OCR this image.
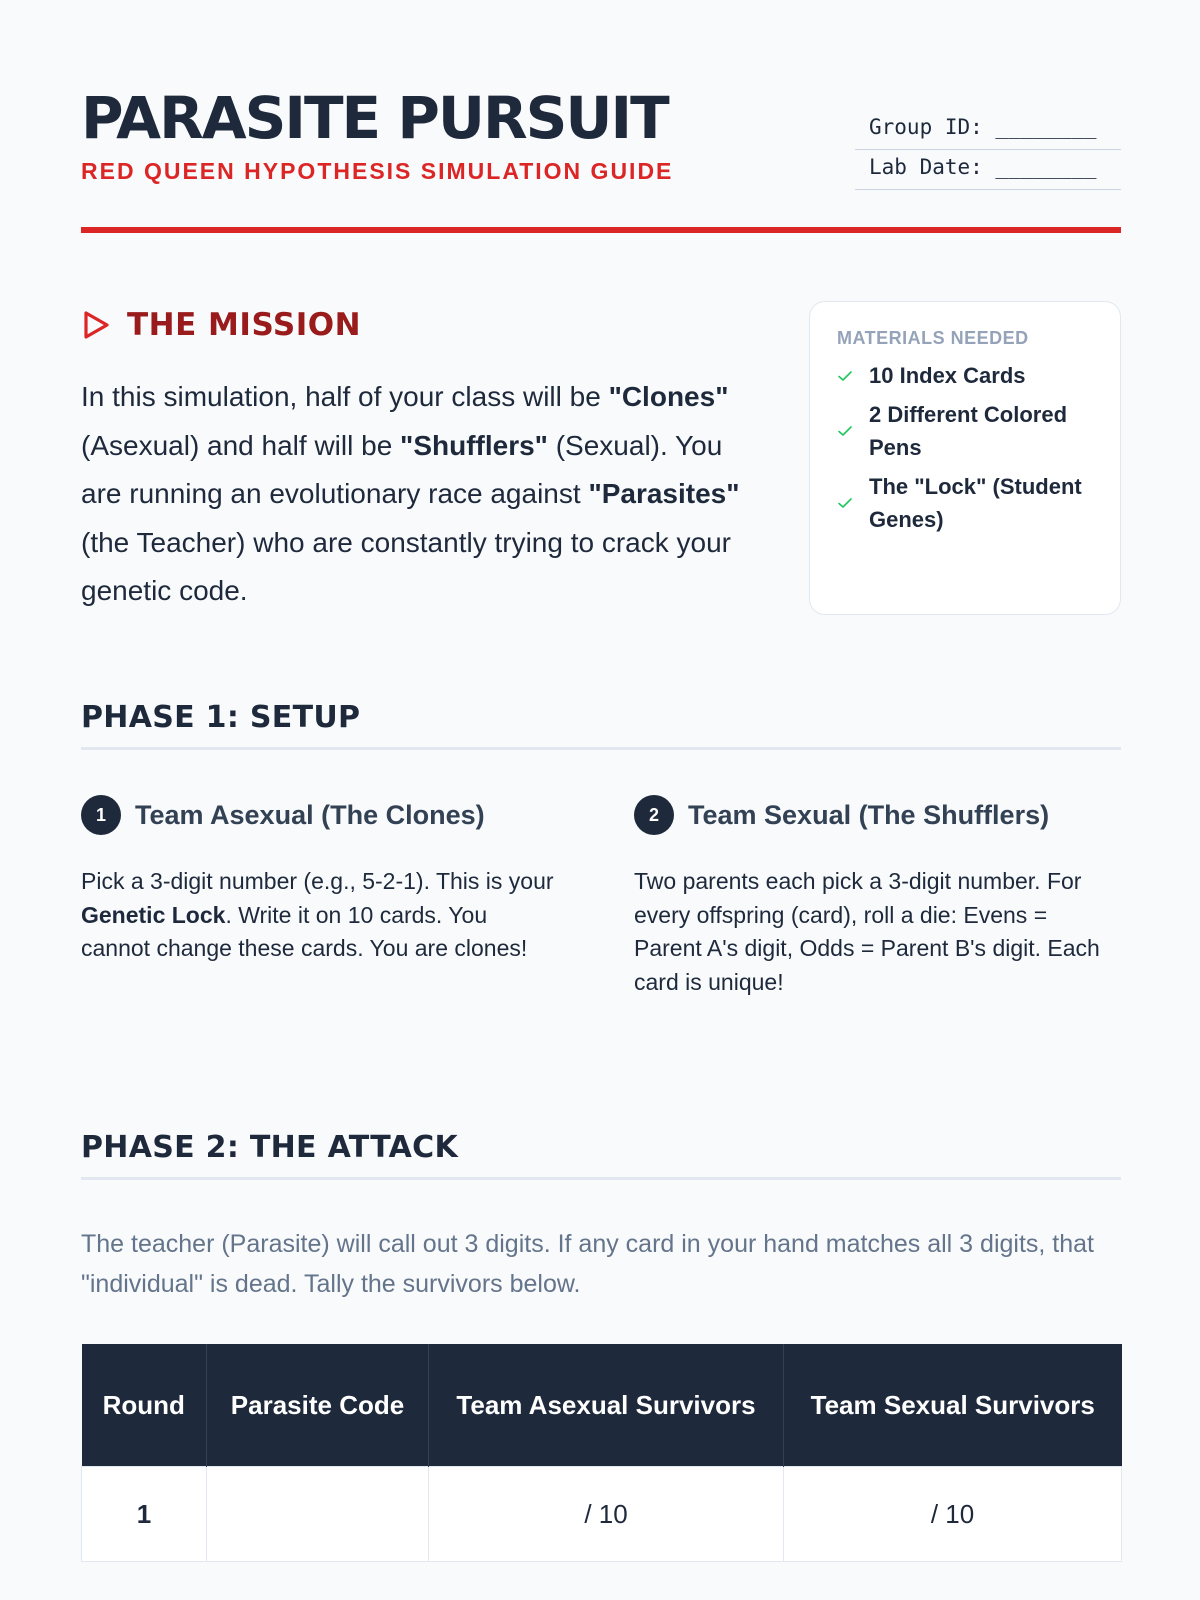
PARASITE PURSUIT
RED QUEEN HYPOTHESIS SIMULATION GUIDE
Group ID: ________
Lab Date: ________
THE MISSION
In this simulation, half of your class will be "Clones" (Asexual) and half will be "Shufflers" (Sexual). You are running an evolutionary race against "Parasites" (the Teacher) who are constantly trying to crack your genetic code.
MATERIALS NEEDED
10 Index Cards
2 Different Colored Pens
The "Lock" (Student Genes)
PHASE 1: SETUP
1	Team Asexual (The Clones)
Pick a 3-digit number (e.g., 5-2-1). This is your Genetic Lock. Write it on 10 cards. You cannot change these cards. You are clones!
2	Team Sexual (The Shufflers)
Two parents each pick a 3-digit number. For every offspring (card), roll a die: Evens = Parent A's digit, Odds = Parent B's digit. Each card is unique!
PHASE 2: THE ATTACK
The teacher (Parasite) will call out 3 digits. If any card in your hand matches all 3 digits, that "individual" is dead. Tally the survivors below.
Round	Parasite Code	Team Asexual Survivors	Team Sexual Survivors
1		/ 10	/ 10
